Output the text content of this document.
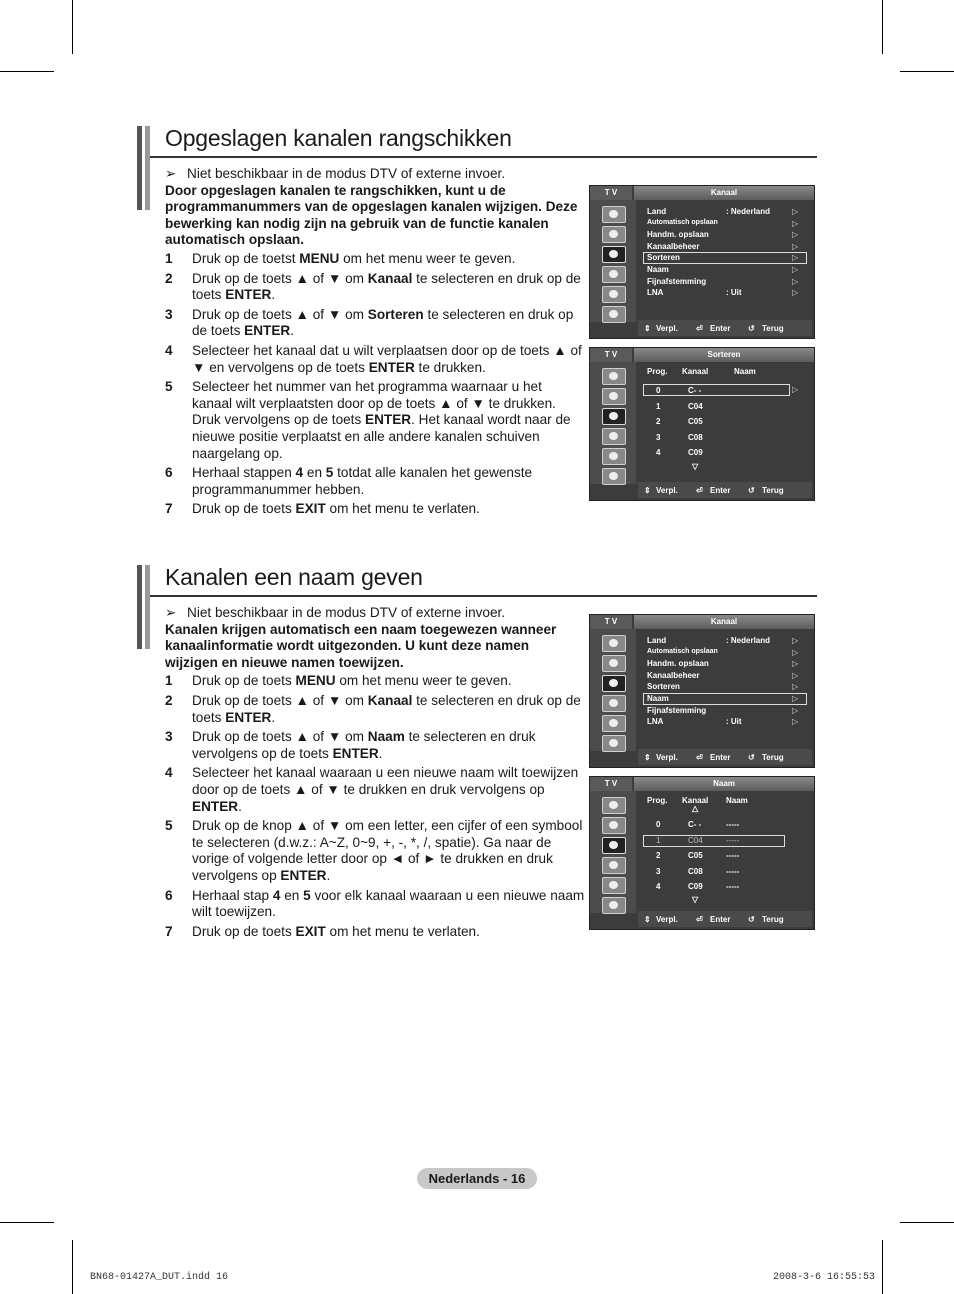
Opgeslagen kanalen rangschikken

➢ Niet beschikbaar in de modus DTV of externe invoer.

Door opgeslagen kanalen te rangschikken, kunt u de programmanummers van de opgeslagen kanalen wijzigen. Deze bewerking kan nodig zijn na gebruik van de functie kanalen automatisch opslaan.

1 Druk op de toetst MENU om het menu weer te geven.
2 Druk op de toets ▲ of ▼ om Kanaal te selecteren en druk op de toets ENTER.
3 Druk op de toets ▲ of ▼ om Sorteren te selecteren en druk op de toets ENTER.
4 Selecteer het kanaal dat u wilt verplaatsen door op de toets ▲ of ▼ en vervolgens op de toets ENTER te drukken.
5 Selecteer het nummer van het programma waarnaar u het kanaal wilt verplaatsten door op de toets ▲ of ▼ te drukken. Druk vervolgens op de toets ENTER. Het kanaal wordt naar de nieuwe positie verplaatst en alle andere kanalen schuiven naargelang op.
6 Herhaal stappen 4 en 5 totdat alle kanalen het gewenste programmanummer hebben.
7 Druk op de toets EXIT om het menu te verlaten.
Kanalen een naam geven

➢ Niet beschikbaar in de modus DTV of externe invoer.

Kanalen krijgen automatisch een naam toegewezen wanneer kanaalinformatie wordt uitgezonden. U kunt deze namen wijzigen en nieuwe namen toewijzen.

1 Druk op de toets MENU om het menu weer te geven.
2 Druk op de toets ▲ of ▼ om Kanaal te selecteren en druk op de toets ENTER.
3 Druk op de toets ▲ of ▼ om Naam te selecteren en druk vervolgens op de toets ENTER.
4 Selecteer het kanaal waaraan u een nieuwe naam wilt toewijzen door op de toets ▲ of ▼ te drukken en druk vervolgens op ENTER.
5 Druk op de knop ▲ of ▼ om een letter, een cijfer of een symbool te selecteren (d.w.z.: A~Z, 0~9, +, -, *, /, spatie). Ga naar de vorige of volgende letter door op ◄ of ► te drukken en druk vervolgens op ENTER.
6 Herhaal stap 4 en 5 voor elk kanaal waaraan u een nieuwe naam wilt toewijzen.
7 Druk op de toets EXIT om het menu te verlaten.
T V	Kanaal
⇕ Verpl. ⏎ Enter ↺ Terug
Land	: Nederland	▷
Automatisch opslaan	▷
Handm. opslaan	▷
Kanaalbeheer	▷
Sorteren	▷
Naam	▷
Fijnafstemming	▷
LNA	: Uit	▷
T V	Sorteren
⇕ Verpl. ⏎ Enter ↺ Terug
Prog. Kanaal	Naam
▷
0	C- -
1	C04
2	C05
3	C08
4	C09
▽
T V	Kanaal
⇕ Verpl. ⏎ Enter ↺ Terug
Land	: Nederland	▷
Automatisch opslaan	▷
Handm. opslaan	▷
Kanaalbeheer	▷
Sorteren	▷
Naam	▷
Fijnafstemming	▷
LNA	: Uit	▷
T V	Naam
⇕ Verpl. ⏎ Enter ↺ Terug
Prog. Kanaal Naam
△
0	C- -	-----
1	C04	-----
2	C05	-----
3	C08	-----
4	C09	-----
▽
Nederlands - 16
BN68-01427A_DUT.indd 16	2008-3-6 16:55:53
